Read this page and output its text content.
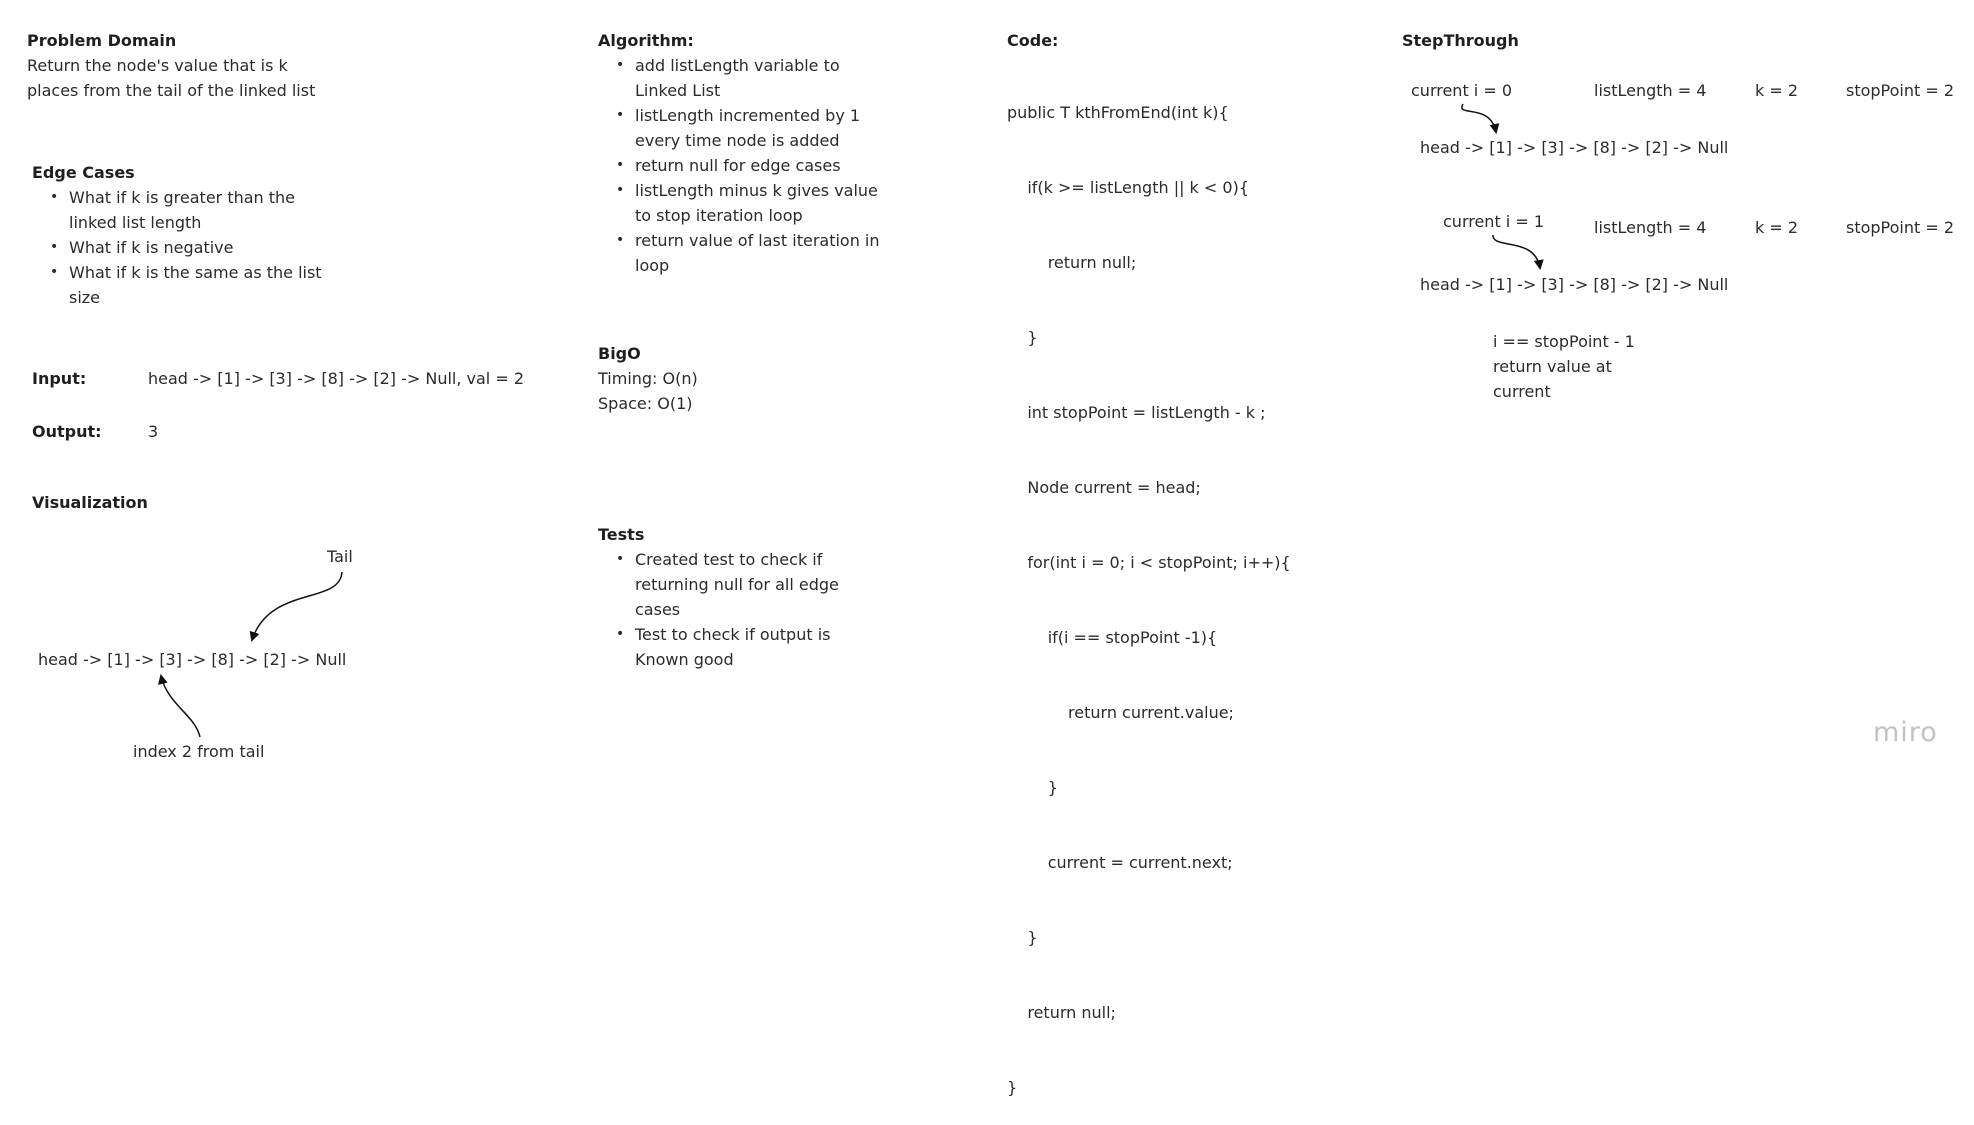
Problem Domain
Return the node's value that is k
places from the tail of the linked list
Edge Cases
• What if k is greater than the
linked list length
• What if k is negative
• What if k is the same as the list
size
Input:	head -> [1] -> [3] -> [8] -> [2] -> Null, val = 2
Output:	3
Visualization
Tail
head -> [1] -> [3] -> [8] -> [2] -> Null
index 2 from tail
Algorithm:
• add listLength variable to
Linked List
• listLength incremented by 1
every time node is added
• return null for edge cases
• listLength minus k gives value
to stop iteration loop
• return value of last iteration in
loop
BigO
Timing: O(n)
Space: O(1)
Tests
• Created test to check if
returning null for all edge
cases
• Test to check if output is
Known good
Code:

public T kthFromEnd(int k){

if(k >= listLength || k < 0){

return null;

}

int stopPoint = listLength - k ;

Node current = head;

for(int i = 0; i < stopPoint; i++){

if(i == stopPoint -1){

return current.value;

}

current = current.next;

}

return null;

}

StepThrough
current i = 0	listLength = 4	k = 2	stopPoint = 2
head -> [1] -> [3] -> [8] -> [2] -> Null
current i = 1	listLength = 4	k = 2	stopPoint = 2
head -> [1] -> [3] -> [8] -> [2] -> Null
i == stopPoint - 1
return value at
current
miro
